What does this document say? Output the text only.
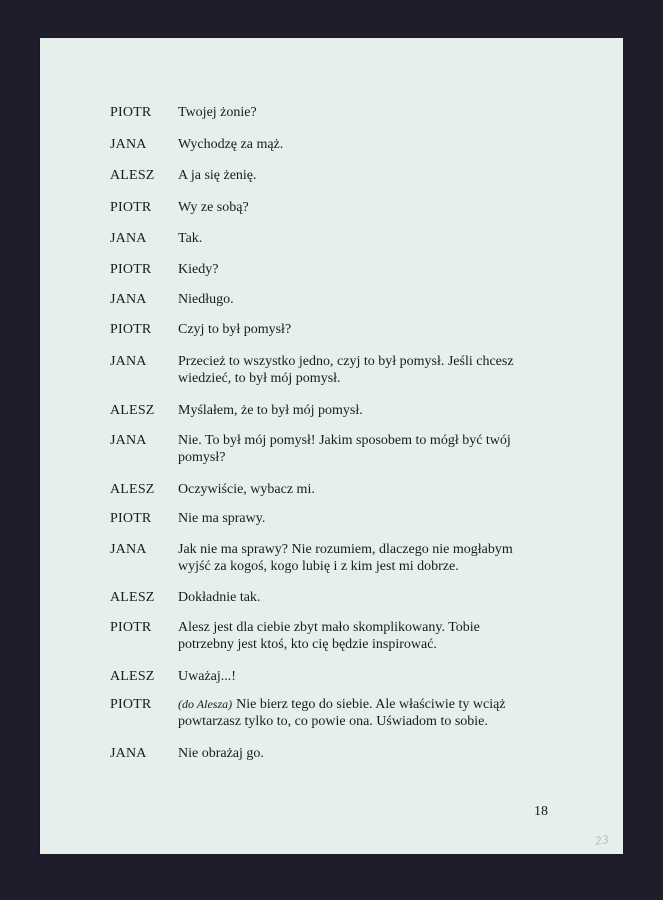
PIOTR Twojej żonie?
JANA Wychodzę za mąż.
ALESZ A ja się żenię.
PIOTR Wy ze sobą?
JANA Tak.
PIOTR Kiedy?
JANA Niedługo.
PIOTR Czyj to był pomysł?
JANA Przecież to wszystko jedno, czyj to był pomysł. Jeśli chcesz wiedzieć, to był mój pomysł.
ALESZ Myślałem, że to był mój pomysł.
JANA Nie. To był mój pomysł! Jakim sposobem to mógł być twój pomysł?
ALESZ Oczywiście, wybacz mi.
PIOTR Nie ma sprawy.
JANA Jak nie ma sprawy? Nie rozumiem, dlaczego nie mogłabym wyjść za kogoś, kogo lubię i z kim jest mi dobrze.
ALESZ Dokładnie tak.
PIOTR Alesz jest dla ciebie zbyt mało skomplikowany. Tobie potrzebny jest ktoś, kto cię będzie inspirować.
ALESZ Uważaj...!
PIOTR (do Alesza) Nie bierz tego do siebie. Ale właściwie ty wciąż powtarzasz tylko to, co powie ona. Uświadom to sobie.
JANA Nie obrażaj go.
18
23
